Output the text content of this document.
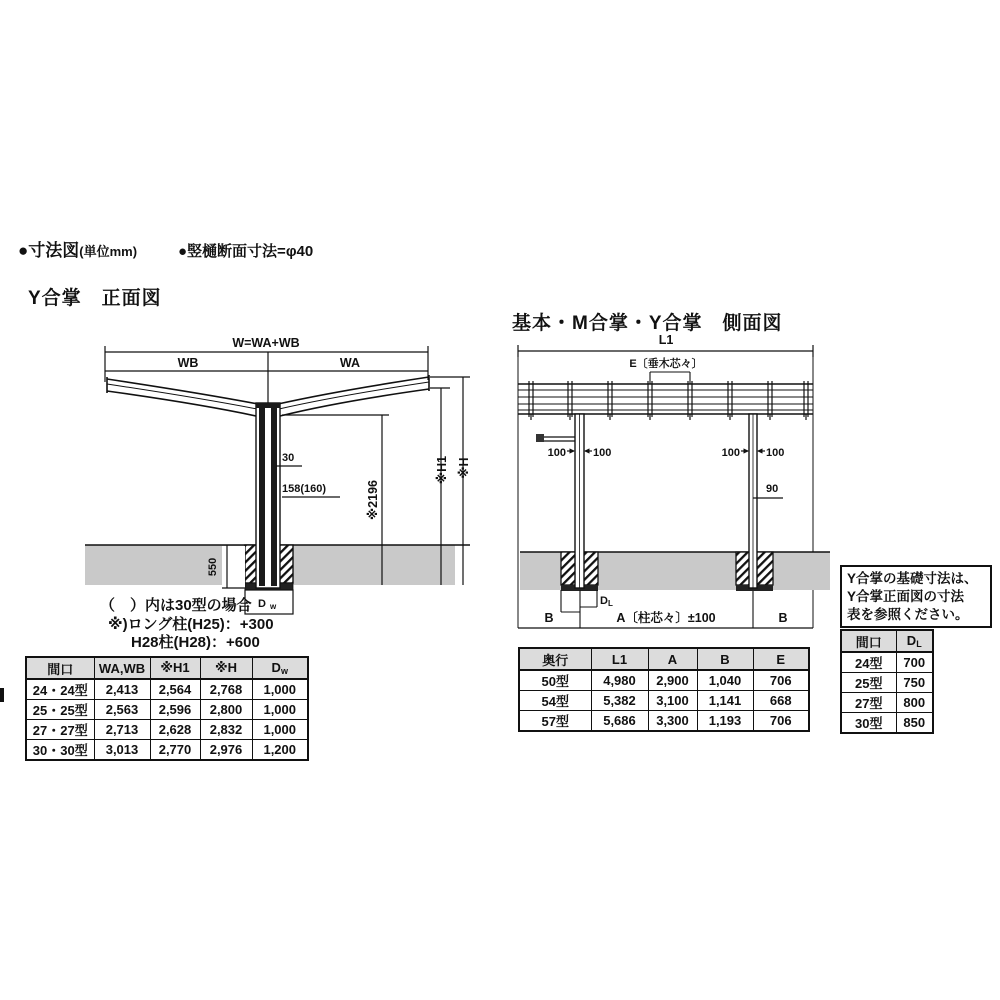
●寸法図(単位mm)	●竪樋断面寸法=φ40
Y合掌　正面図
基本・M合掌・Y合掌　側面図
W=WA+WB
WB	WA
550
30
158(160)	※2196
※H1 ※H
D w
（　）内は30型の場合
※)ロング柱(H25)：+300
H28柱(H28)：+600
L1
E〔垂木芯々〕
100 100	100 100
90
D L
B	A〔柱芯々〕±100	B
Y合掌の基礎寸法は、
Y合掌正面図の寸法
表を参照ください。
間口	WA,WB	※H1	※H	$D_w$
24・24型	2,413	2,564	2,768	1,000
25・25型	2,563	2,596	2,800	1,000
27・27型	2,713	2,628	2,832	1,000
30・30型	3,013	2,770	2,976	1,200
奥行	L1	A	B	E
50型	4,980	2,900	1,040	706
54型	5,382	3,100	1,141	668
57型	5,686	3,300	1,193	706
間口	$D_L$
24型	700
25型	750
27型	800
30型	850
